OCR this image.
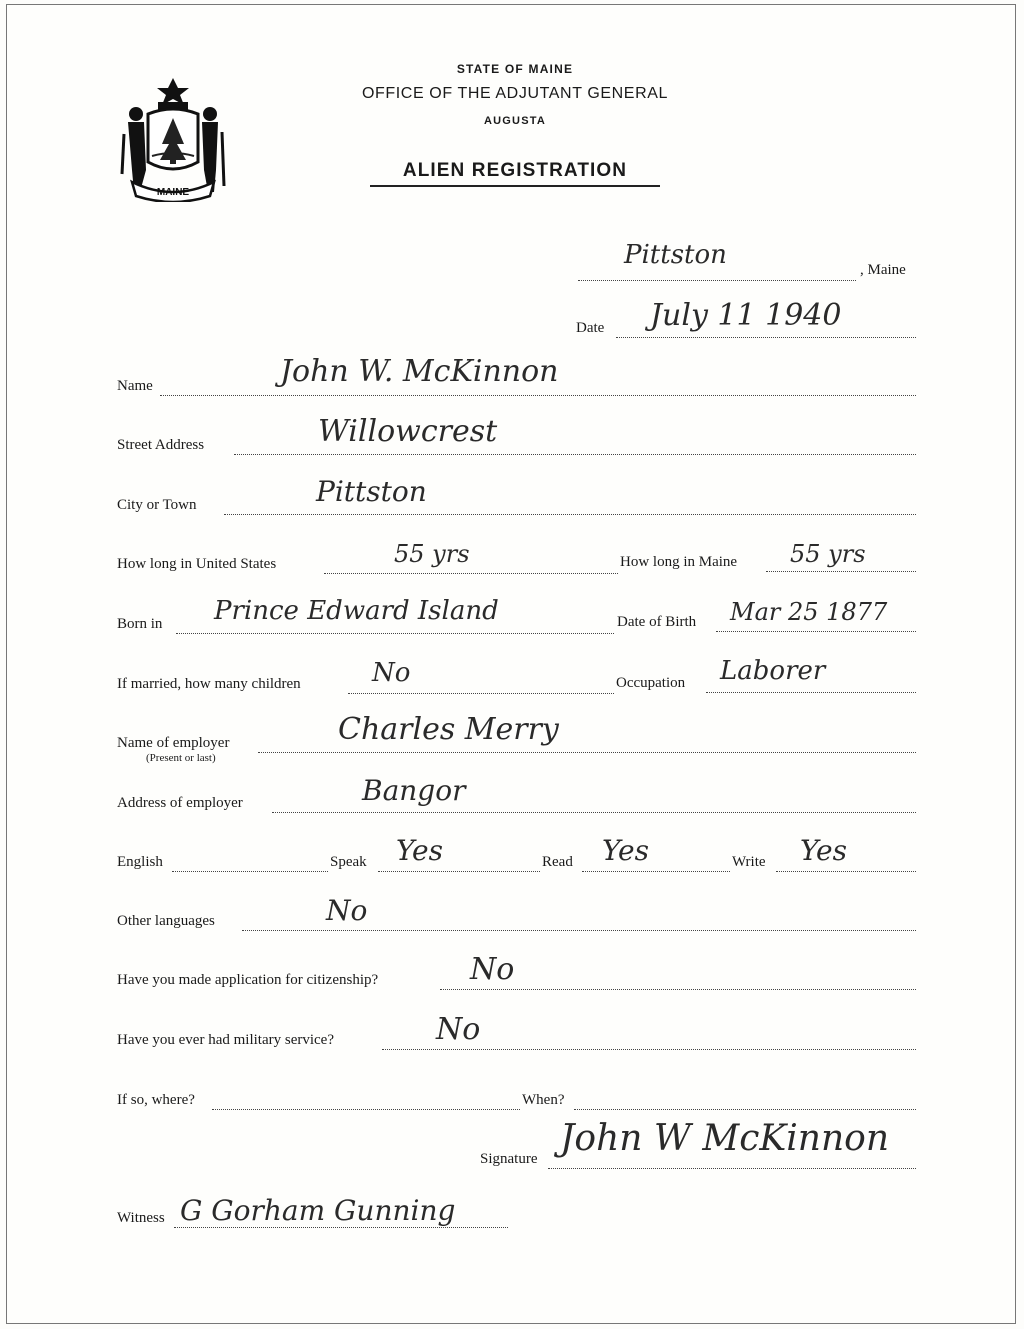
MAINE
STATE OF MAINE
OFFICE OF THE ADJUTANT GENERAL
AUGUSTA
ALIEN REGISTRATION
Pittston	, Maine
Date July 11 1940
Name	John W. McKinnon
Street Address	Willowcrest
City or Town	Pittston
How long in United States	55 yrs	How long in Maine 55 yrs
Born in Prince Edward Island	Date of Birth Mar 25 1877
If married, how many children	No	Occupation Laborer
Name of employer
(Present or last)
Charles Merry
Address of employer	Bangor
English	Speak Yes	Read Yes	Write Yes
Other languages	No
Have you made application for citizenship?	No
Have you ever had military service?	No
If so, where?	When?
Signature John W McKinnon
Witness G Gorham Gunning
